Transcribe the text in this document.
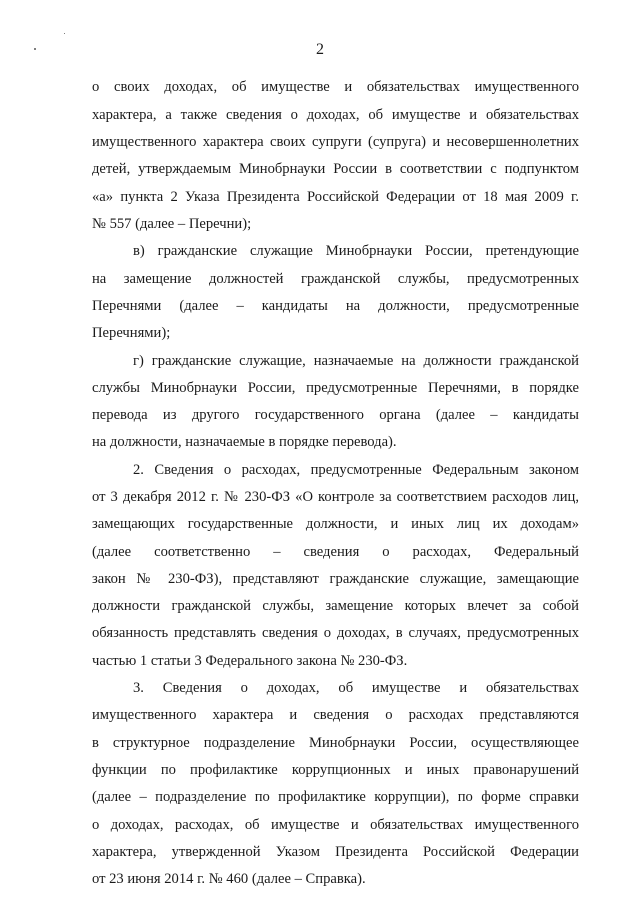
2
о своих доходах, об имуществе и обязательствах имущественного
характера, а также сведения о доходах, об имуществе и обязательствах
имущественного характера своих супруги (супруга) и несовершеннолетних
детей, утверждаемым Минобрнауки России в соответствии с подпунктом
«а» пункта 2 Указа Президента Российской Федерации от 18 мая 2009 г.
№ 557 (далее – Перечни);
в) гражданские служащие Минобрнауки России, претендующие
на замещение должностей гражданской службы, предусмотренных
Перечнями (далее – кандидаты на должности, предусмотренные
Перечнями);
г) гражданские служащие, назначаемые на должности гражданской
службы Минобрнауки России, предусмотренные Перечнями, в порядке
перевода из другого государственного органа (далее – кандидаты
на должности, назначаемые в порядке перевода).
2. Сведения о расходах, предусмотренные Федеральным законом
от 3 декабря 2012 г. № 230-ФЗ «О контроле за соответствием расходов лиц,
замещающих государственные должности, и иных лиц их доходам»
(далее соответственно – сведения о расходах, Федеральный
закон № 230-ФЗ), представляют гражданские служащие, замещающие
должности гражданской службы, замещение которых влечет за собой
обязанность представлять сведения о доходах, в случаях, предусмотренных
частью 1 статьи 3 Федерального закона № 230-ФЗ.
3. Сведения о доходах, об имуществе и обязательствах
имущественного характера и сведения о расходах представляются
в структурное подразделение Минобрнауки России, осуществляющее
функции по профилактике коррупционных и иных правонарушений
(далее – подразделение по профилактике коррупции), по форме справки
о доходах, расходах, об имуществе и обязательствах имущественного
характера, утвержденной Указом Президента Российской Федерации
от 23 июня 2014 г. № 460 (далее – Справка).
